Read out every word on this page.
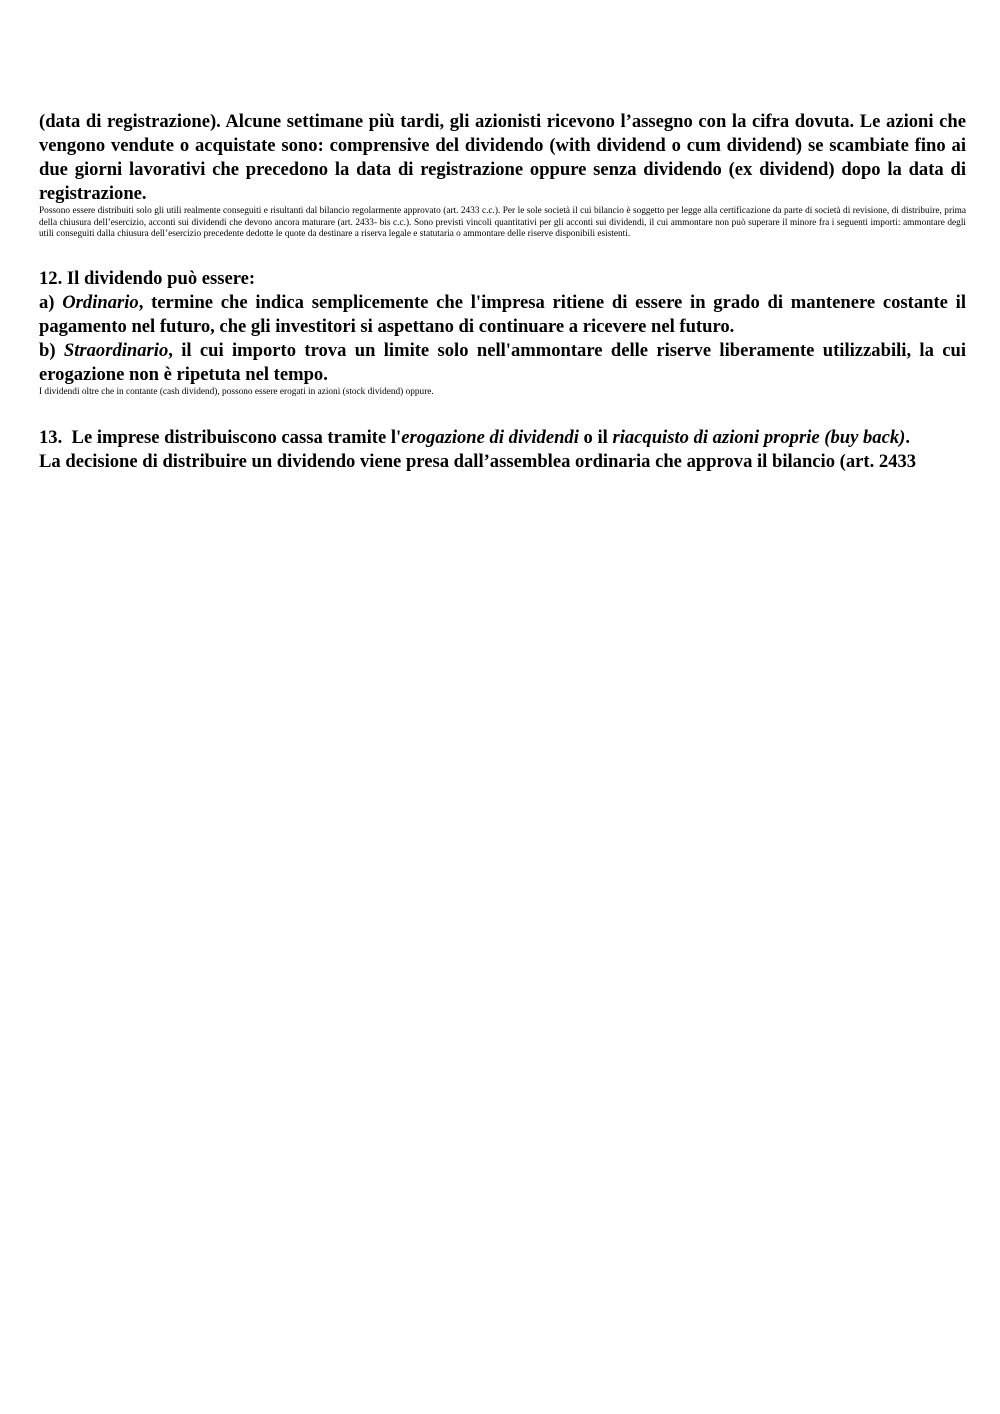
(data di registrazione). Alcune settimane più tardi, gli azionisti ricevono l’assegno con la cifra dovuta. Le azioni che vengono vendute o acquistate sono: comprensive del dividendo (with dividend o cum dividend) se scambiate fino ai due giorni lavorativi che precedono la data di registrazione oppure senza dividendo (ex dividend) dopo la data di registrazione.

Possono essere distribuiti solo gli utili realmente conseguiti e risultanti dal bilancio regolarmente approvato (art. 2433 c.c.). Per le sole società il cui bilancio è soggetto per legge alla certificazione da parte di società di revisione, di distribuire, prima della chiusura dell’esercizio, acconti sui dividendi che devono ancora maturare (art. 2433- bis c.c.). Sono previsti vincoli quantitativi per gli acconti sui dividendi, il cui ammontare non può superare il minore fra i seguenti importi: ammontare degli utili conseguiti dalla chiusura dell’esercizio precedente dedotte le quote da destinare a riserva legale e statutaria o ammontare delle riserve disponibili esistenti.

12. Il dividendo può essere:

a) Ordinario, termine che indica semplicemente che l'impresa ritiene di essere in grado di mantenere costante il pagamento nel futuro, che gli investitori si aspettano di continuare a ricevere nel futuro.

b) Straordinario, il cui importo trova un limite solo nell'ammontare delle riserve liberamente utilizzabili, la cui erogazione non è ripetuta nel tempo.

I dividendi oltre che in contante (cash dividend), possono essere erogati in azioni (stock dividend) oppure.

13. Le imprese distribuiscono cassa tramite l'erogazione di dividendi o il riacquisto di azioni proprie (buy back).
La decisione di distribuire un dividendo viene presa dall’assemblea ordinaria che approva il bilancio (art. 2433
